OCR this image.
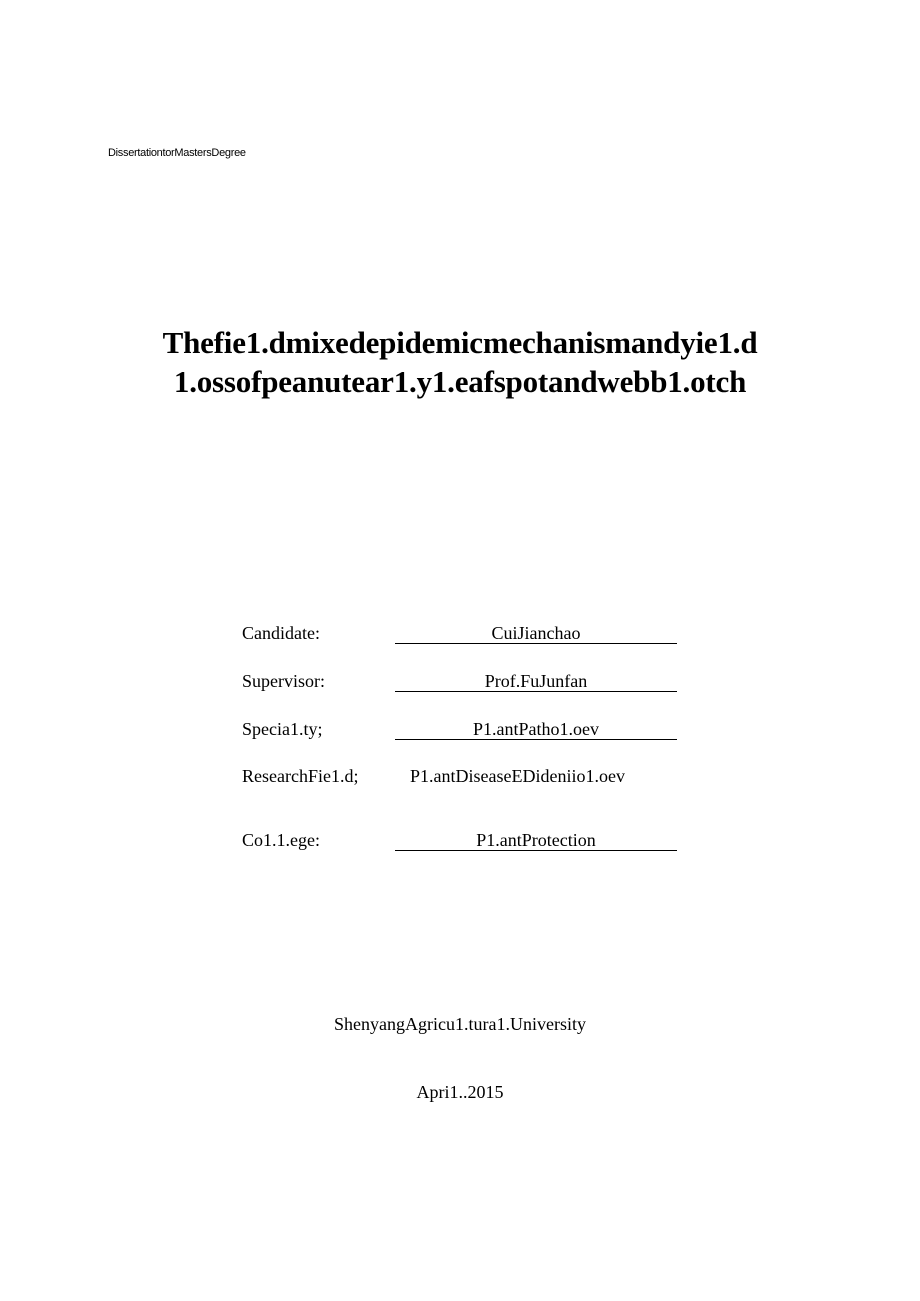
DissertationtorMastersDegree
Thefie1.dmixedepidemicmechanismandyie1.d
1.ossofpeanutear1.y1.eafspotandwebb1.otch
Candidate:	CuiJianchao
Supervisor:	Prof.FuJunfan
Specia1.ty;	P1.antPatho1.oev
ResearchFie1.d;	P1.antDiseaseEDideniio1.oev
Co1.1.ege:	P1.antProtection
ShenyangAgricu1.tura1.University
Apri1..2015
